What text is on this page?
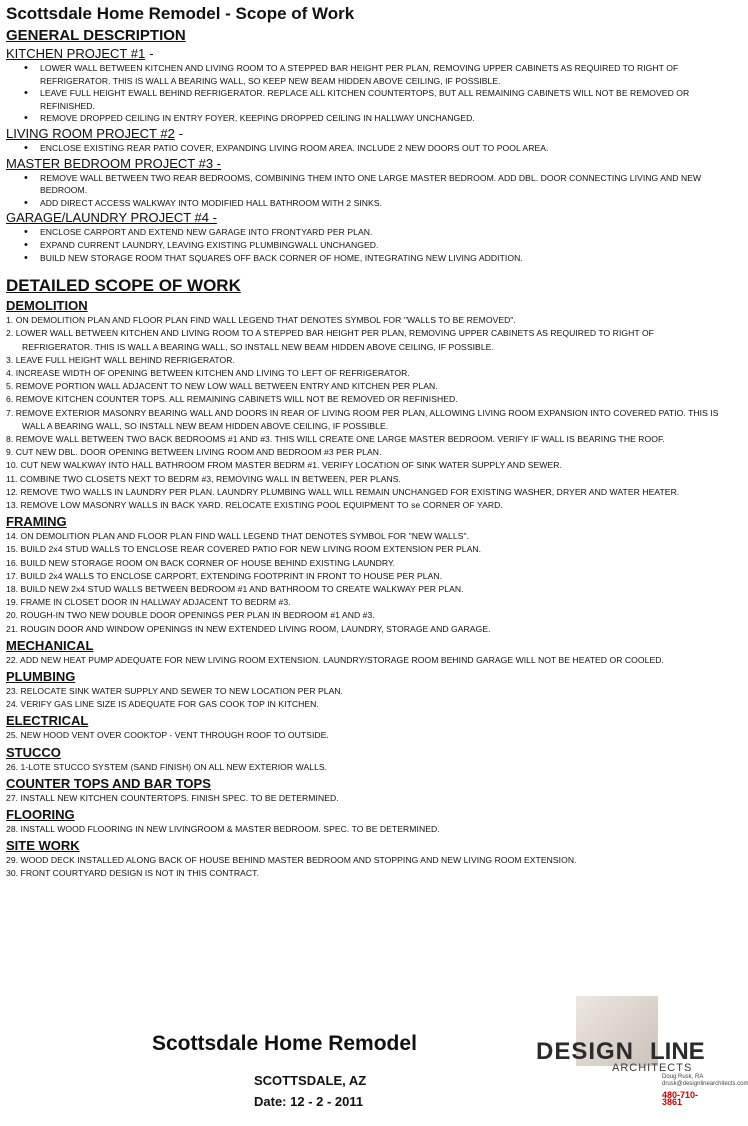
Scottsdale Home Remodel - Scope of Work
GENERAL DESCRIPTION
KITCHEN PROJECT #1 -
• LOWER WALL BETWEEN KITCHEN AND LIVING ROOM TO A STEPPED BAR HEIGHT PER PLAN, REMOVING UPPER CABINETS AS REQUIRED TO RIGHT OF REFRIGERATOR. THIS IS WALL A BEARING WALL, SO KEEP NEW BEAM HIDDEN ABOVE CEILING, IF POSSIBLE.
• LEAVE FULL HEIGHT EWALL BEHIND REFRIGERATOR. REPLACE ALL KITCHEN COUNTERTOPS, BUT ALL REMAINING CABINETS WILL NOT BE REMOVED OR REFINISHED.
• REMOVE DROPPED CEILING IN ENTRY FOYER, KEEPING DROPPED CEILING IN HALLWAY UNCHANGED.
LIVING ROOM PROJECT #2 -
• ENCLOSE EXISTING REAR PATIO COVER, EXPANDING LIVING ROOM AREA. INCLUDE 2 NEW DOORS OUT TO POOL AREA.
MASTER BEDROOM PROJECT #3 -
• REMOVE WALL BETWEEN TWO REAR BEDROOMS, COMBINING THEM INTO ONE LARGE MASTER BEDROOM. ADD DBL. DOOR CONNECTING LIVING AND NEW BEDROOM.
• ADD DIRECT ACCESS WALKWAY INTO MODIFIED HALL BATHROOM WITH 2 SINKS.
GARAGE/LAUNDRY PROJECT #4 -
• ENCLOSE CARPORT AND EXTEND NEW GARAGE INTO FRONTYARD PER PLAN.
• EXPAND CURRENT LAUNDRY, LEAVING EXISTING PLUMBINGWALL UNCHANGED.
• BUILD NEW STORAGE ROOM THAT SQUARES OFF BACK CORNER OF HOME, INTEGRATING NEW LIVING ADDITION.
DETAILED SCOPE OF WORK
DEMOLITION
1. ON DEMOLITION PLAN AND FLOOR PLAN FIND WALL LEGEND THAT DENOTES SYMBOL FOR "WALLS TO BE REMOVED".
2. LOWER WALL BETWEEN KITCHEN AND LIVING ROOM TO A STEPPED BAR HEIGHT PER PLAN, REMOVING UPPER CABINETS AS REQUIRED TO RIGHT OF REFRIGERATOR. THIS IS WALL A BEARING WALL, SO INSTALL NEW BEAM HIDDEN ABOVE CEILING, IF POSSIBLE.
3. LEAVE FULL HEIGHT WALL BEHIND REFRIGERATOR.
4. INCREASE WIDTH OF OPENING BETWEEN KITCHEN AND LIVING TO LEFT OF REFRIGERATOR.
5. REMOVE PORTION WALL ADJACENT TO NEW LOW WALL BETWEEN ENTRY AND KITCHEN PER PLAN.
6. REMOVE KITCHEN COUNTER TOPS. ALL REMAINING CABINETS WILL NOT BE REMOVED OR REFINISHED.
7. REMOVE EXTERIOR MASONRY BEARING WALL AND DOORS IN REAR OF LIVING ROOM PER PLAN, ALLOWING LIVING ROOM EXPANSION INTO COVERED PATIO. THIS IS WALL A BEARING WALL, SO INSTALL NEW BEAM HIDDEN ABOVE CEILING, IF POSSIBLE.
8. REMOVE WALL BETWEEN TWO BACK BEDROOMS #1 AND #3. THIS WILL CREATE ONE LARGE MASTER BEDROOM. VERIFY IF WALL IS BEARING THE ROOF.
9. CUT NEW DBL. DOOR OPENING BETWEEN LIVING ROOM AND BEDROOM #3 PER PLAN.
10. CUT NEW WALKWAY INTO HALL BATHROOM FROM MASTER BEDRM #1. VERIFY LOCATION OF SINK WATER SUPPLY AND SEWER.
11. COMBINE TWO CLOSETS NEXT TO BEDRM #3, REMOVING WALL IN BETWEEN, PER PLANS.
12. REMOVE TWO WALLS IN LAUNDRY PER PLAN. LAUNDRY PLUMBING WALL WILL REMAIN UNCHANGED FOR EXISTING WASHER, DRYER AND WATER HEATER.
13. REMOVE LOW MASONRY WALLS IN BACK YARD. RELOCATE EXISTING POOL EQUIPMENT TO se CORNER OF YARD.
FRAMING
14. ON DEMOLITION PLAN AND FLOOR PLAN FIND WALL LEGEND THAT DENOTES SYMBOL FOR "NEW WALLS".
15. BUILD 2x4 STUD WALLS TO ENCLOSE REAR COVERED PATIO FOR NEW LIVING ROOM EXTENSION PER PLAN.
16. BUILD NEW STORAGE ROOM ON BACK CORNER OF HOUSE BEHIND EXISTING LAUNDRY.
17. BUILD 2x4 WALLS TO ENCLOSE CARPORT, EXTENDING FOOTPRINT IN FRONT TO HOUSE PER PLAN.
18. BUILD NEW 2x4 STUD WALLS BETWEEN BEDROOM #1 AND BATHROOM TO CREATE WALKWAY PER PLAN.
19. FRAME IN CLOSET DOOR IN HALLWAY ADJACENT TO BEDRM #3.
20. ROUGH-IN TWO NEW DOUBLE DOOR OPENINGS PER PLAN IN BEDROOM #1 AND #3.
21. ROUGIN DOOR AND WINDOW OPENINGS IN NEW EXTENDED LIVING ROOM, LAUNDRY, STORAGE AND GARAGE.
MECHANICAL
22. ADD NEW HEAT PUMP ADEQUATE FOR NEW LIVING ROOM EXTENSION. LAUNDRY/STORAGE ROOM BEHIND GARAGE WILL NOT BE HEATED OR COOLED.
PLUMBING
23. RELOCATE SINK WATER SUPPLY AND SEWER TO NEW LOCATION PER PLAN.
24. VERIFY GAS LINE SIZE IS ADEQUATE FOR GAS COOK TOP IN KITCHEN.
ELECTRICAL
25. NEW HOOD VENT OVER COOKTOP - VENT THROUGH ROOF TO OUTSIDE.
STUCCO
26. 1-LOTE STUCCO SYSTEM (SAND FINISH) ON ALL NEW EXTERIOR WALLS.
COUNTER TOPS AND BAR TOPS
27. INSTALL NEW KITCHEN COUNTERTOPS. FINISH SPEC. TO BE DETERMINED.
FLOORING
28. INSTALL WOOD FLOORING IN NEW LIVINGROOM & MASTER BEDROOM. SPEC. TO BE DETERMINED.
SITE WORK
29. WOOD DECK INSTALLED ALONG BACK OF HOUSE BEHIND MASTER BEDROOM AND STOPPING AND NEW LIVING ROOM EXTENSION.
30. FRONT COURTYARD DESIGN IS NOT IN THIS CONTRACT.
Scottsdale Home Remodel
SCOTTSDALE, AZ
Date: 12 - 2 - 2011
DESIGN LINE
ARCHITECTS
Doug Rusk, RA
drusk@designlinearchitects.com
480-710-3861
